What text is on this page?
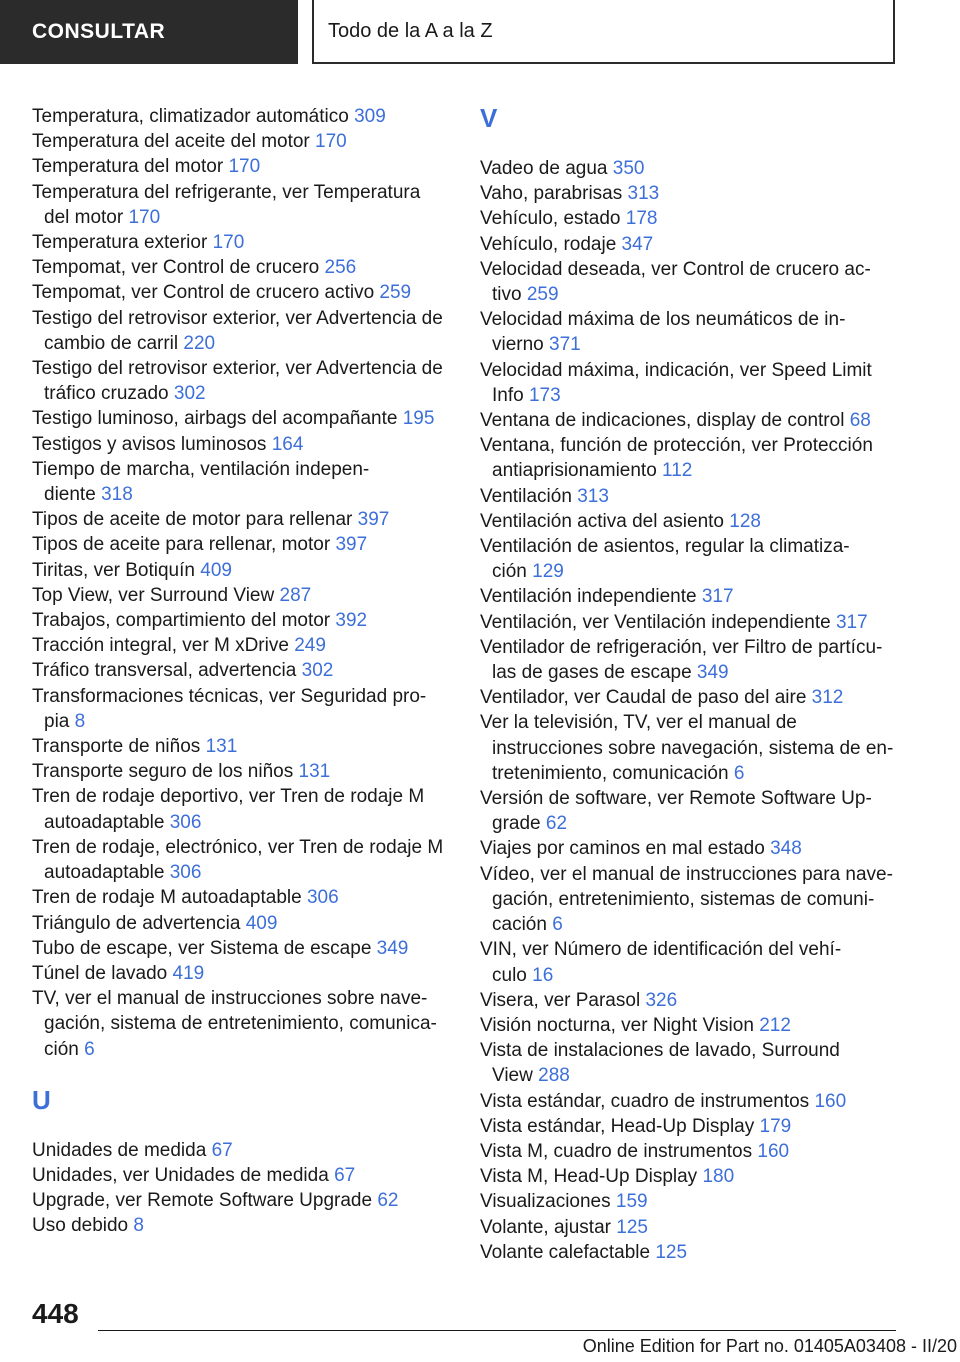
CONSULTAR	Todo de la A a la Z
Temperatura, climatizador automático 309
Temperatura del aceite del motor 170
Temperatura del motor 170
Temperatura del refrigerante, ver Temperatura
del motor 170
Temperatura exterior 170
Tempomat, ver Control de crucero 256
Tempomat, ver Control de crucero activo 259
Testigo del retrovisor exterior, ver Advertencia de
cambio de carril 220
Testigo del retrovisor exterior, ver Advertencia de
tráfico cruzado 302
Testigo luminoso, airbags del acompañante 195
Testigos y avisos luminosos 164
Tiempo de marcha, ventilación indepen-
diente 318
Tipos de aceite de motor para rellenar 397
Tipos de aceite para rellenar, motor 397
Tiritas, ver Botiquín 409
Top View, ver Surround View 287
Trabajos, compartimiento del motor 392
Tracción integral, ver M xDrive 249
Tráfico transversal, advertencia 302
Transformaciones técnicas, ver Seguridad pro-
pia 8
Transporte de niños 131
Transporte seguro de los niños 131
Tren de rodaje deportivo, ver Tren de rodaje M
autoadaptable 306
Tren de rodaje, electrónico, ver Tren de rodaje M
autoadaptable 306
Tren de rodaje M autoadaptable 306
Triángulo de advertencia 409
Tubo de escape, ver Sistema de escape 349
Túnel de lavado 419
TV, ver el manual de instrucciones sobre nave-
gación, sistema de entretenimiento, comunica-
ción 6
U
Unidades de medida 67
Unidades, ver Unidades de medida 67
Upgrade, ver Remote Software Upgrade 62
Uso debido 8
V
Vadeo de agua 350
Vaho, parabrisas 313
Vehículo, estado 178
Vehículo, rodaje 347
Velocidad deseada, ver Control de crucero ac-
tivo 259
Velocidad máxima de los neumáticos de in-
vierno 371
Velocidad máxima, indicación, ver Speed Limit
Info 173
Ventana de indicaciones, display de control 68
Ventana, función de protección, ver Protección
antiaprisionamiento 112
Ventilación 313
Ventilación activa del asiento 128
Ventilación de asientos, regular la climatiza-
ción 129
Ventilación independiente 317
Ventilación, ver Ventilación independiente 317
Ventilador de refrigeración, ver Filtro de partícu-
las de gases de escape 349
Ventilador, ver Caudal de paso del aire 312
Ver la televisión, TV, ver el manual de
instrucciones sobre navegación, sistema de en-
tretenimiento, comunicación 6
Versión de software, ver Remote Software Up-
grade 62
Viajes por caminos en mal estado 348
Vídeo, ver el manual de instrucciones para nave-
gación, entretenimiento, sistemas de comuni-
cación 6
VIN, ver Número de identificación del vehí-
culo 16
Visera, ver Parasol 326
Visión nocturna, ver Night Vision 212
Vista de instalaciones de lavado, Surround
View 288
Vista estándar, cuadro de instrumentos 160
Vista estándar, Head-Up Display 179
Vista M, cuadro de instrumentos 160
Vista M, Head-Up Display 180
Visualizaciones 159
Volante, ajustar 125
Volante calefactable 125
448
Online Edition for Part no. 01405A03408 - II/20
